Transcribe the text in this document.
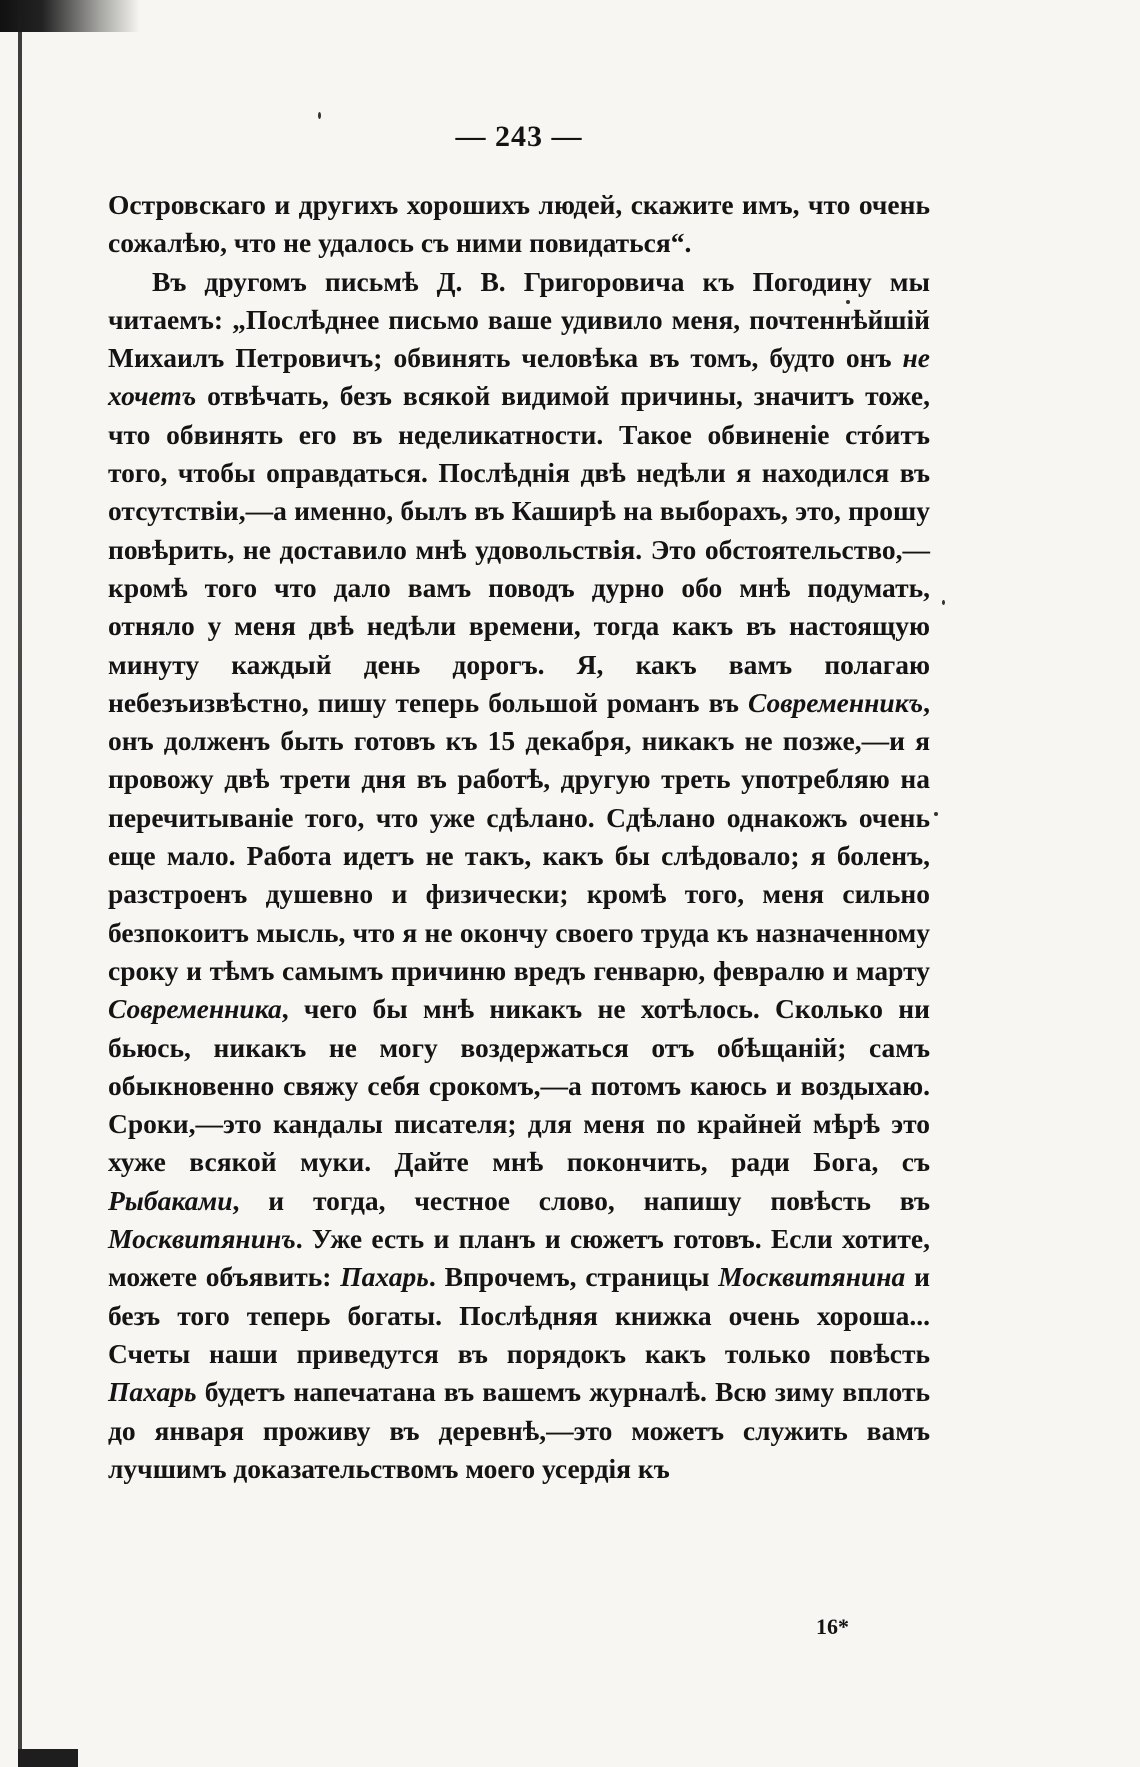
— 243 —

Островскаго и другихъ хорошихъ людей, скажите имъ, что очень сожалѣю, что не удалось съ ними повидаться“.

Въ другомъ письмѣ Д. В. Григоровича къ Погодину мы читаемъ: „Послѣднее письмо ваше удивило меня, почтеннѣйшій Михаилъ Петровичъ; обвинять человѣка въ томъ, будто онъ не хочетъ отвѣчать, безъ всякой видимой причины, значитъ тоже, что обвинять его въ неделикатности. Такое обвиненіе стóитъ того, чтобы оправдаться. Послѣднія двѣ недѣли я находился въ отсутствіи,—а именно, былъ въ Каширѣ на выборахъ, это, прошу повѣрить, не доставило мнѣ удовольствія. Это обстоятельство,— кромѣ того что дало вамъ поводъ дурно обо мнѣ подумать, отняло у меня двѣ недѣли времени, тогда какъ въ настоящую минуту каждый день дорогъ. Я, какъ вамъ полагаю небезъизвѣстно, пишу теперь большой романъ въ Современникъ, онъ долженъ быть готовъ къ 15 декабря, никакъ не позже,—и я провожу двѣ трети дня въ работѣ, другую треть употребляю на перечитываніе того, что уже сдѣлано. Сдѣлано однакожъ очень еще мало. Работа идетъ не такъ, какъ бы слѣдовало; я боленъ, разстроенъ душевно и физически; кромѣ того, меня сильно безпокоитъ мысль, что я не окончу своего труда къ назначенному сроку и тѣмъ самымъ причиню вредъ генварю, февралю и марту Современника, чего бы мнѣ никакъ не хотѣлось. Сколько ни бьюсь, никакъ не могу воздержаться отъ обѣщаній; самъ обыкновенно свяжу себя срокомъ,—а потомъ каюсь и воздыхаю. Сроки,—это кандалы писателя; для меня по крайней мѣрѣ это хуже всякой муки. Дайте мнѣ покончить, ради Бога, съ Рыбаками, и тогда, честное слово, напишу повѣсть въ Москвитянинъ. Уже есть и планъ и сюжетъ готовъ. Если хотите, можете объявить: Пахарь. Впрочемъ, страницы Москвитянина и безъ того теперь богаты. Послѣдняя книжка очень хороша... Счеты наши приведутся въ порядокъ какъ только повѣсть Пахарь будетъ напечатана въ вашемъ журналѣ. Всю зиму вплоть до января проживу въ деревнѣ,—это можетъ служить вамъ лучшимъ доказательствомъ моего усердія къ

16*
